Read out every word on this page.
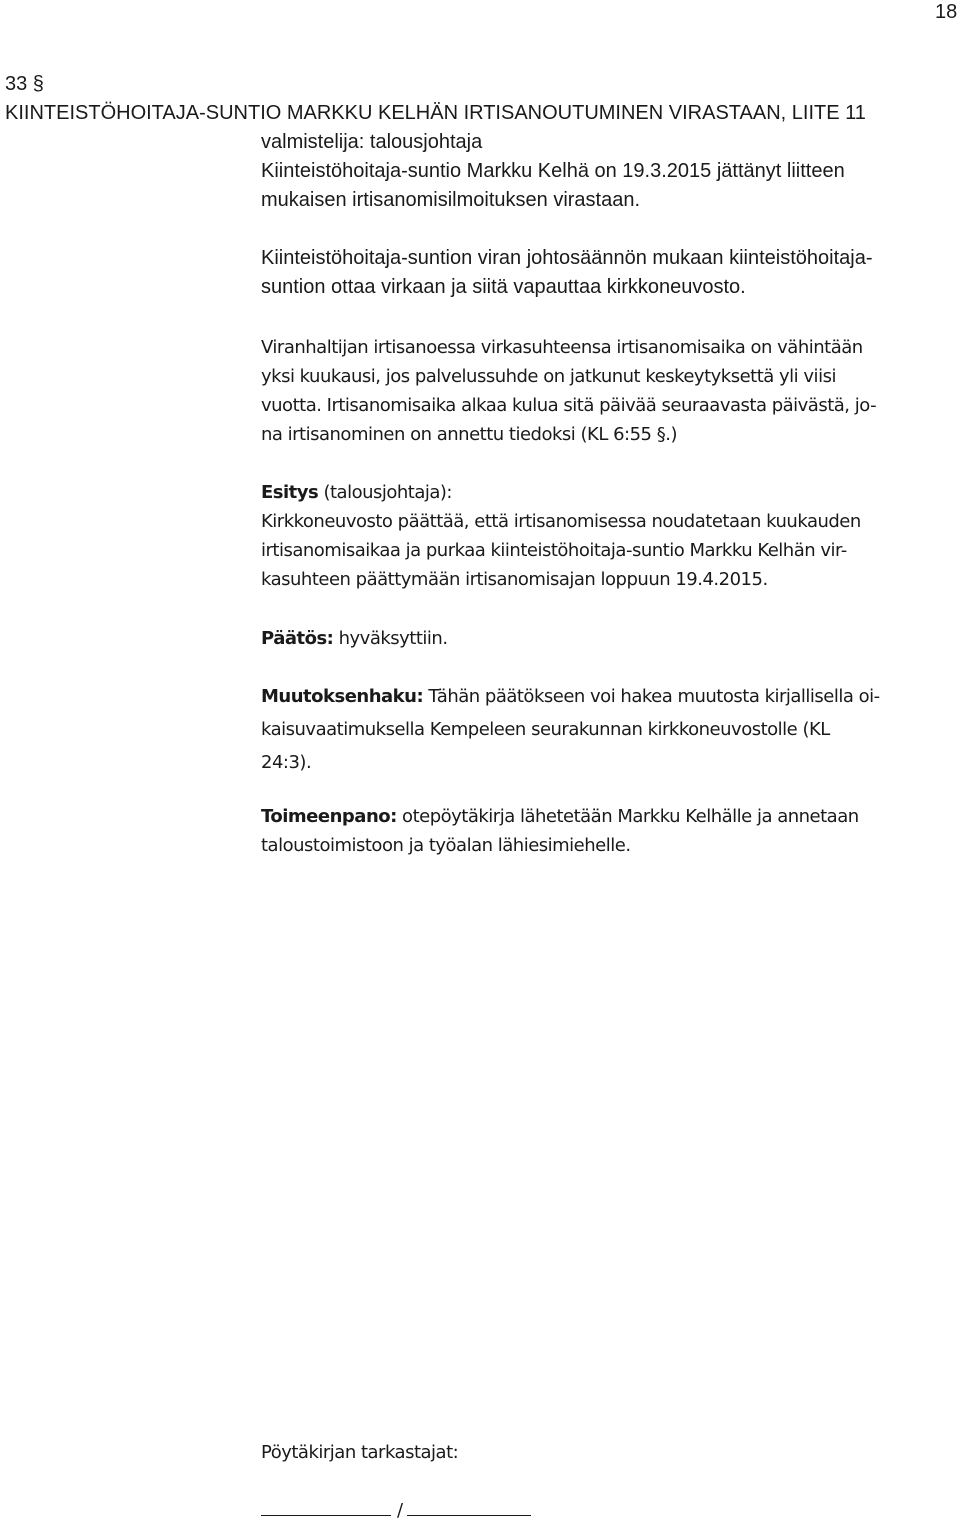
18
33 §
KIINTEISTÖHOITAJA-SUNTIO MARKKU KELHÄN IRTISANOUTUMINEN VIRASTAAN, LIITE 11
valmistelija: talousjohtaja
Kiinteistöhoitaja-suntio Markku Kelhä on 19.3.2015 jättänyt liitteen
mukaisen irtisanomisilmoituksen virastaan.
Kiinteistöhoitaja-suntion viran johtosäännön mukaan kiinteistöhoitaja-
suntion ottaa virkaan ja siitä vapauttaa kirkkoneuvosto.
Viranhaltijan irtisanoessa virkasuhteensa irtisanomisaika on vähintään
yksi kuukausi, jos palvelussuhde on jatkunut keskeytyksettä yli viisi
vuotta. Irtisanomisaika alkaa kulua sitä päivää seuraavasta päivästä, jo-
na irtisanominen on annettu tiedoksi (KL 6:55 §.)
Esitys (talousjohtaja):
Kirkkoneuvosto päättää, että irtisanomisessa noudatetaan kuukauden
irtisanomisaikaa ja purkaa kiinteistöhoitaja-suntio Markku Kelhän vir-
kasuhteen päättymään irtisanomisajan loppuun 19.4.2015.
Päätös: hyväksyttiin.
Muutoksenhaku: Tähän päätökseen voi hakea muutosta kirjallisella oi-
kaisuvaatimuksella Kempeleen seurakunnan kirkkoneuvostolle (KL
24:3).
Toimeenpano: otepöytäkirja lähetetään Markku Kelhälle ja annetaan
taloustoimistoon ja työalan lähiesimiehelle.
Pöytäkirjan tarkastajat:
/
